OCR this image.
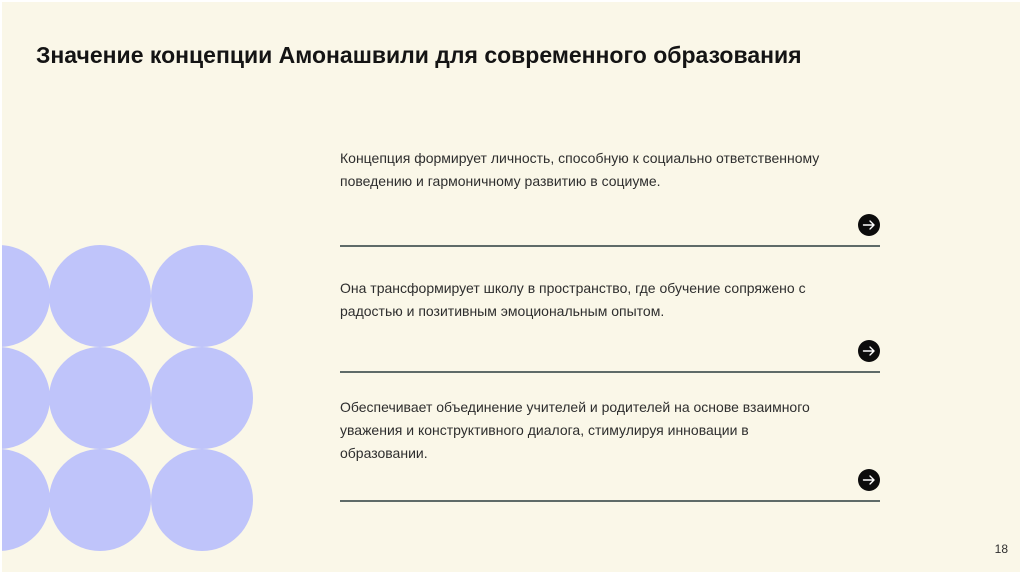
Значение концепции Амонашвили для современного образования

Концепция формирует личность, способную к социально ответственному поведению и гармоничному развитию в социуме.

Она трансформирует школу в пространство, где обучение сопряжено с радостью и позитивным эмоциональным опытом.

Обеспечивает объединение учителей и родителей на основе взаимного уважения и конструктивного диалога, стимулируя инновации в образовании.

18
